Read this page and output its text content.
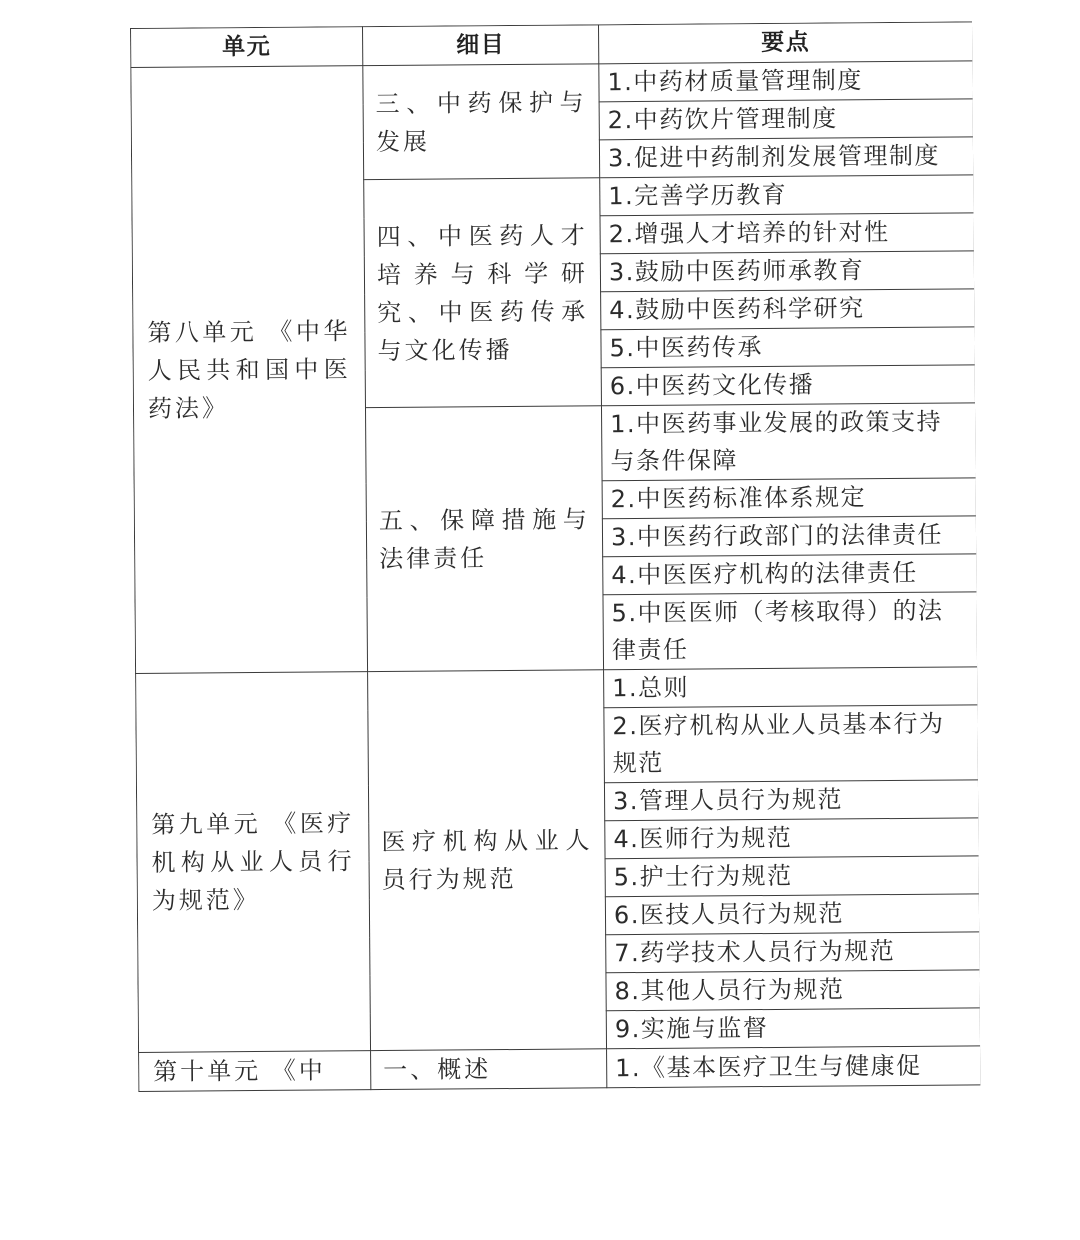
单元	细目	要点
第八单元 《中华人民共和国中医药法》	三、中药保护与发展	1.中药材质量管理制度
		2.中药饮片管理制度
		3.促进中药制剂发展管理制度
	四、中医药人才培养与科学研究、中医药传承与文化传播	1.完善学历教育
		2.增强人才培养的针对性
		3.鼓励中医药师承教育
		4.鼓励中医药科学研究
		5.中医药传承
		6.中医药文化传播
	五、保障措施与法律责任	1.中医药事业发展的政策支持与条件保障
		2.中医药标准体系规定
		3.中医药行政部门的法律责任
		4.中医医疗机构的法律责任
		5.中医医师（考核取得）的法律责任
第九单元 《医疗机构从业人员行为规范》	医疗机构从业人员行为规范	1.总则
		2.医疗机构从业人员基本行为规范
		3.管理人员行为规范
		4.医师行为规范
		5.护士行为规范
		6.医技人员行为规范
		7.药学技术人员行为规范
		8.其他人员行为规范
		9.实施与监督
第十单元 《中	一、概述	1.《基本医疗卫生与健康促
